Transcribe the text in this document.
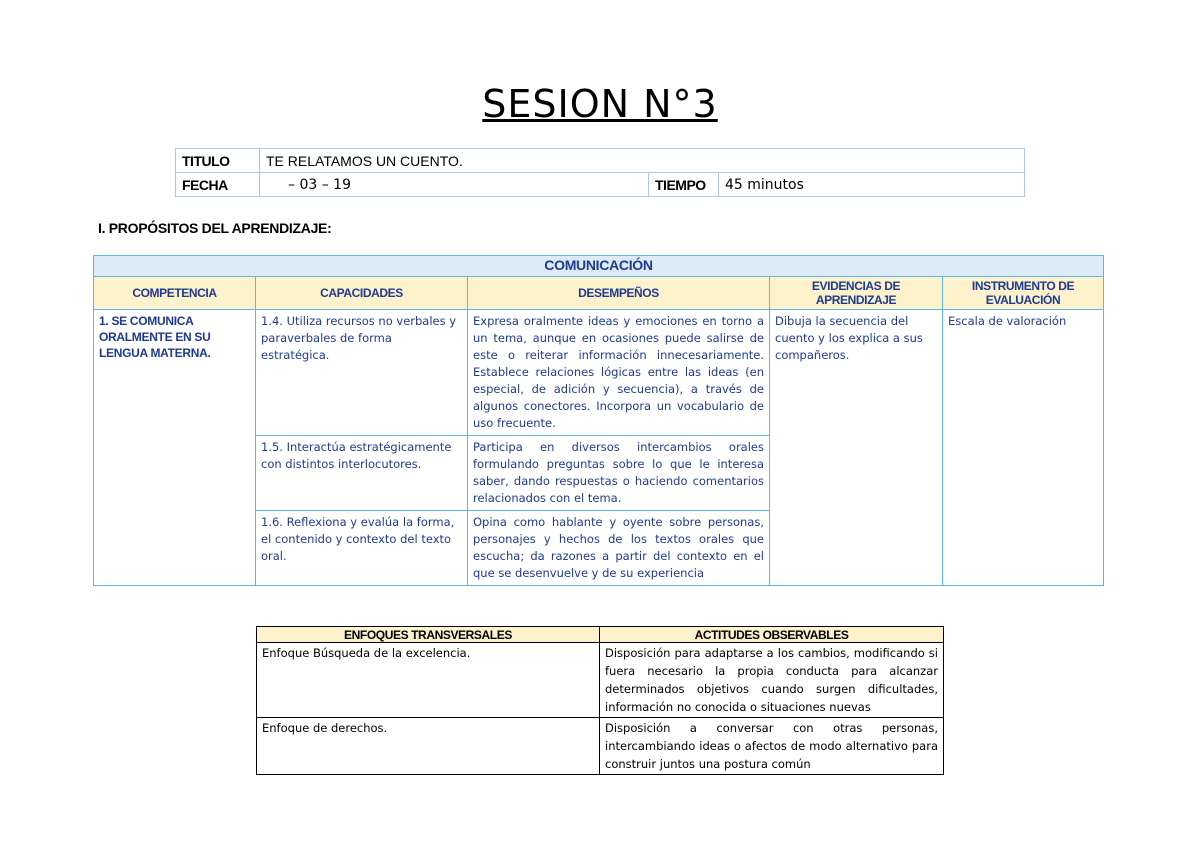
SESION N°3
TITULO	TE RELATAMOS UN CUENTO.		
FECHA	– 03 – 19	TIEMPO	45 minutos
I. PROPÓSITOS DEL APRENDIZAJE:
COMUNICACIÓN				
COMPETENCIA	CAPACIDADES	DESEMPEÑOS	EVIDENCIAS DE APRENDIZAJE	INSTRUMENTO DE EVALUACIÓN
1. SE COMUNICA ORALMENTE EN SU LENGUA MATERNA.	1.4. Utiliza recursos no verbales y paraverbales de forma estratégica.	Expresa oralmente ideas y emociones en torno a un tema, aunque en ocasiones puede salirse de este o reiterar información innecesariamente. Establece relaciones lógicas entre las ideas (en especial, de adición y secuencia), a través de algunos conectores. Incorpora un vocabulario de uso frecuente.	Dibuja la secuencia del cuento y los explica a sus compañeros.	Escala de valoración
	1.5. Interactúa estratégicamente con distintos interlocutores.	Participa en diversos intercambios orales formulando preguntas sobre lo que le interesa saber, dando respuestas o haciendo comentarios relacionados con el tema.		
	1.6. Reflexiona y evalúa la forma, el contenido y contexto del texto oral.	Opina como hablante y oyente sobre personas, personajes y hechos de los textos orales que escucha; da razones a partir del contexto en el que se desenvuelve y de su experiencia		
ENFOQUES TRANSVERSALES	ACTITUDES OBSERVABLES
Enfoque Búsqueda de la excelencia.	Disposición para adaptarse a los cambios, modificando si fuera necesario la propia conducta para alcanzar determinados objetivos cuando surgen dificultades, información no conocida o situaciones nuevas
Enfoque de derechos.	Disposición a conversar con otras personas, intercambiando ideas o afectos de modo alternativo para construir juntos una postura común
